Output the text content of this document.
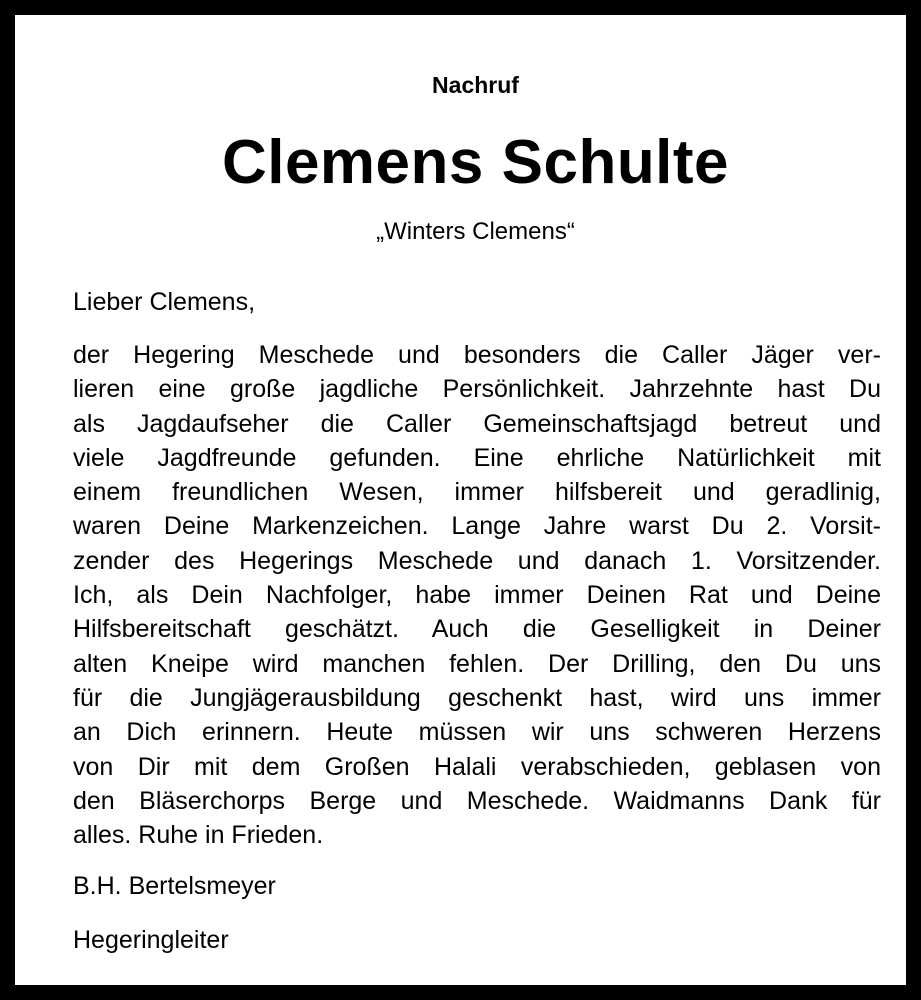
Nachruf
Clemens Schulte
„Winters Clemens“
Lieber Clemens,

der Hegering Meschede und besonders die Caller Jäger ver-
lieren eine große jagdliche Persönlichkeit. Jahrzehnte hast Du
als Jagdaufseher die Caller Gemeinschaftsjagd betreut und
viele Jagdfreunde gefunden. Eine ehrliche Natürlichkeit mit
einem freundlichen Wesen, immer hilfsbereit und geradlinig,
waren Deine Markenzeichen. Lange Jahre warst Du 2. Vorsit-
zender des Hegerings Meschede und danach 1. Vorsitzender.
Ich, als Dein Nachfolger, habe immer Deinen Rat und Deine
Hilfsbereitschaft geschätzt. Auch die Geselligkeit in Deiner
alten Kneipe wird manchen fehlen. Der Drilling, den Du uns
für die Jungjägerausbildung geschenkt hast, wird uns immer
an Dich erinnern. Heute müssen wir uns schweren Herzens
von Dir mit dem Großen Halali verabschieden, geblasen von
den Bläserchorps Berge und Meschede. Waidmanns Dank für
alles. Ruhe in Frieden.

B.H. Bertelsmeyer
Hegeringleiter
